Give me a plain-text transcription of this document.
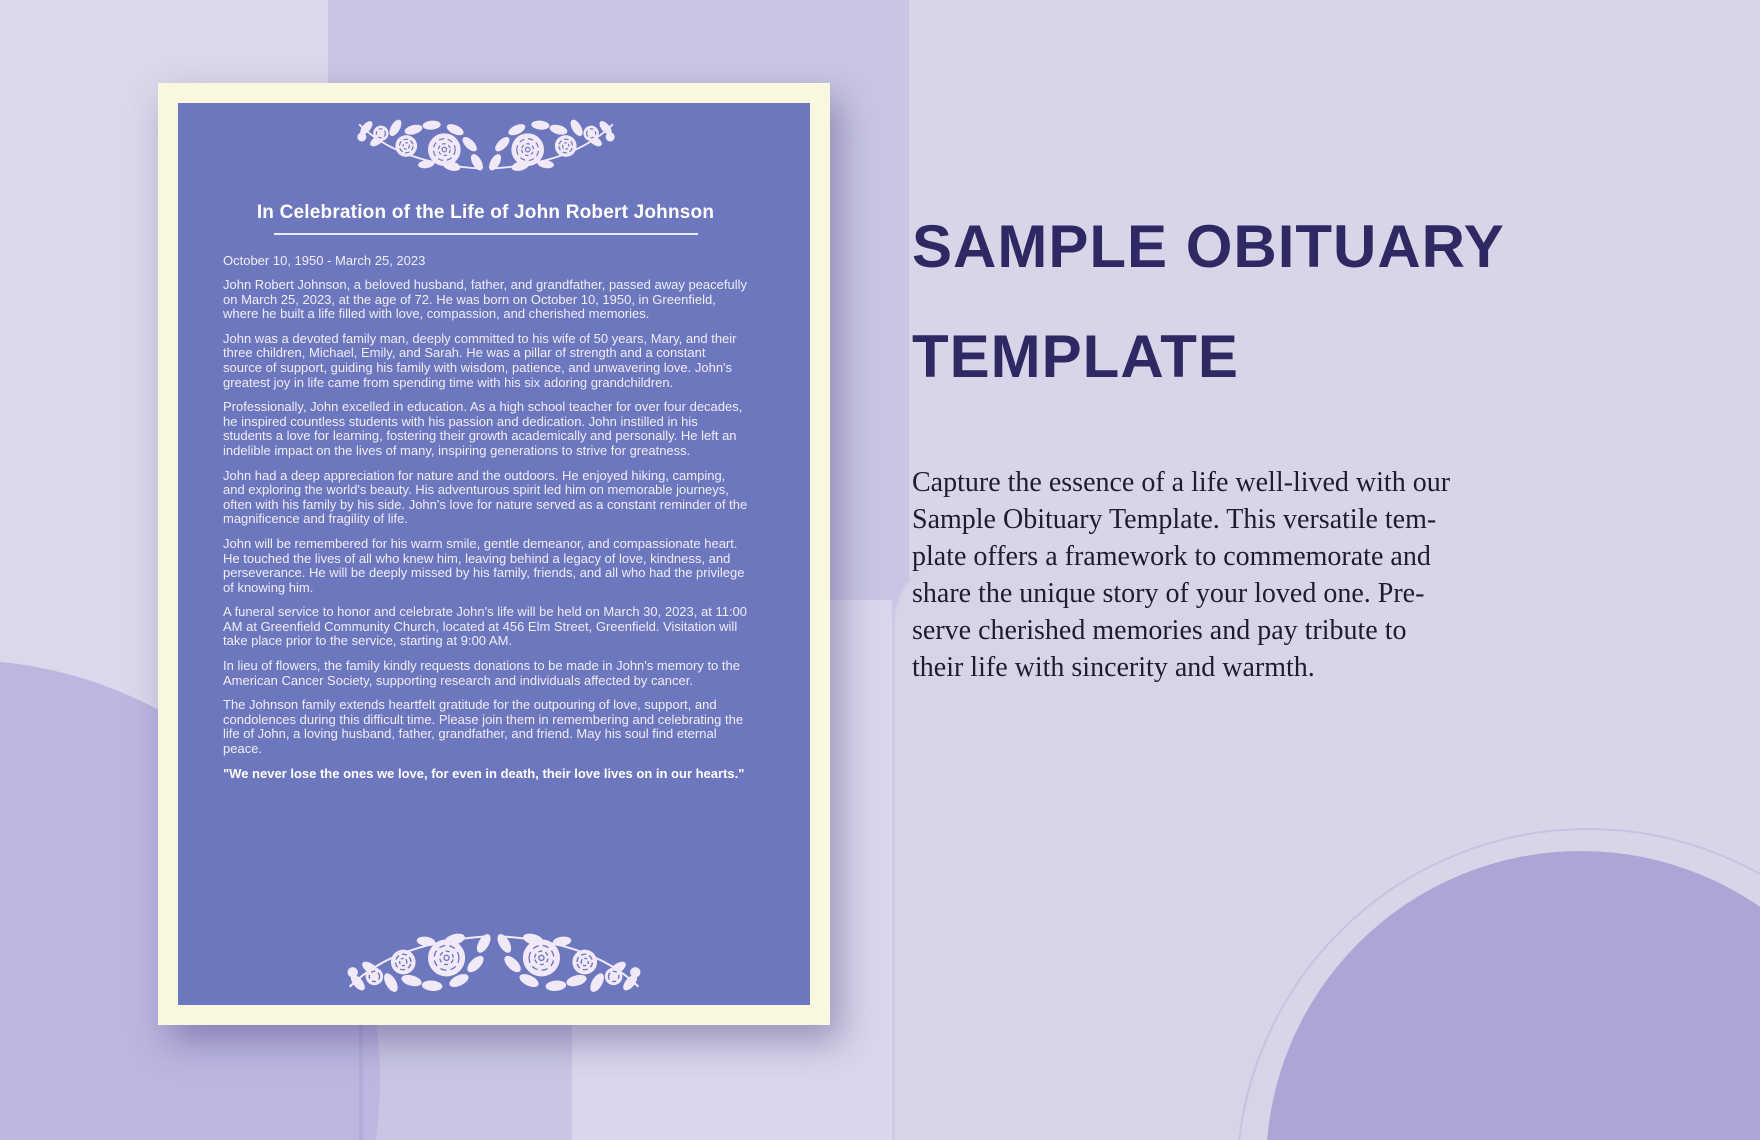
In Celebration of the Life of John Robert Johnson
October 10, 1950 - March 25, 2023

John Robert Johnson, a beloved husband, father, and grandfather, passed away peacefully on March 25, 2023, at the age of 72. He was born on October 10, 1950, in Greenfield, where he built a life filled with love, compassion, and cherished memories.

John was a devoted family man, deeply committed to his wife of 50 years, Mary, and their three children, Michael, Emily, and Sarah. He was a pillar of strength and a constant source of support, guiding his family with wisdom, patience, and unwavering love. John's greatest joy in life came from spending time with his six adoring grandchildren.

Professionally, John excelled in education. As a high school teacher for over four decades, he inspired countless students with his passion and dedication. John instilled in his students a love for learning, fostering their growth academically and personally. He left an indelible impact on the lives of many, inspiring generations to strive for greatness.

John had a deep appreciation for nature and the outdoors. He enjoyed hiking, camping, and exploring the world's beauty. His adventurous spirit led him on memorable journeys, often with his family by his side. John's love for nature served as a constant reminder of the magnificence and fragility of life.

John will be remembered for his warm smile, gentle demeanor, and compassionate heart. He touched the lives of all who knew him, leaving behind a legacy of love, kindness, and perseverance. He will be deeply missed by his family, friends, and all who had the privilege of knowing him.

A funeral service to honor and celebrate John's life will be held on March 30, 2023, at 11:00 AM at Greenfield Community Church, located at 456 Elm Street, Greenfield. Visitation will take place prior to the service, starting at 9:00 AM.

In lieu of flowers, the family kindly requests donations to be made in John's memory to the American Cancer Society, supporting research and individuals affected by cancer.

The Johnson family extends heartfelt gratitude for the outpouring of love, support, and condolences during this difficult time. Please join them in remembering and celebrating the life of John, a loving husband, father, grandfather, and friend. May his soul find eternal peace.

"We never lose the ones we love, for even in death, their love lives on in our hearts."

SAMPLE OBITUARY
TEMPLATE
Capture the essence of a life well-lived with our
Sample Obituary Template. This versatile tem-
plate offers a framework to commemorate and
share the unique story of your loved one. Pre-
serve cherished memories and pay tribute to
their life with sincerity and warmth.
